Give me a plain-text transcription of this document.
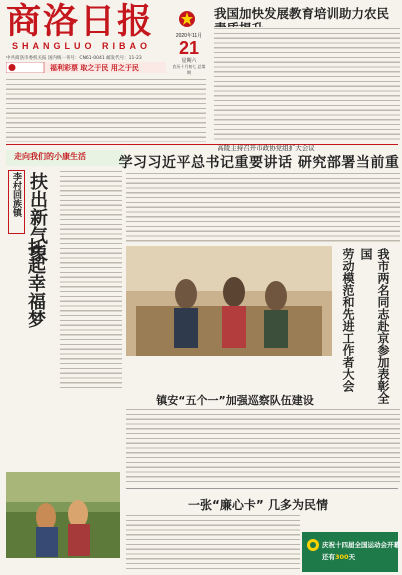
商洛日报
SHANGLUO RIBAO
2020年11月
21
星期六
农历十月初七 总第 期
我国加快发展教育培训助力农民
中共商洛市委机关报 国内统一刊号：CN61-0041 邮发代号：11-23
福利彩票 取之于民 用之于民
走向我们的小康生活
李村回族镇 扶出新气象
托起幸福梦
高陵主持召开市政协党组扩大会议
学习习近平总书记重要讲话 研究部署当前重
我市两名同志赴京参加表彰全国
劳动模范和先进工作者大会
镇安“五个一”加强巡察队伍建设
一张“廉心卡” 几多为民情
庆祝十四届全国运动会开幕
还有300天
